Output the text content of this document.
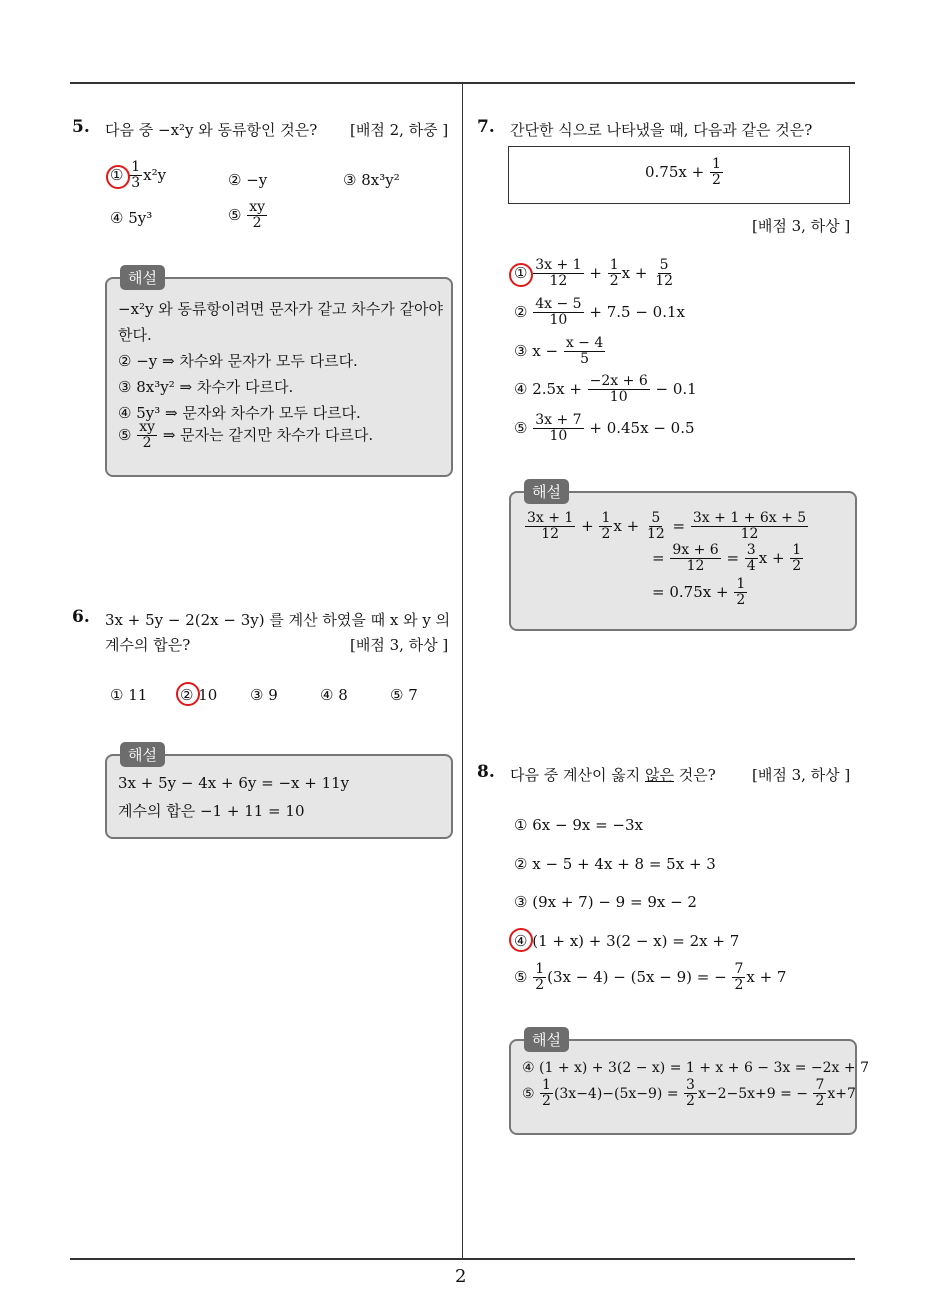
2
5. 다음 중 −x²y 와 동류항인 것은? [배점 2, 하중 ]
① $\frac{1}{3} x^2y$	② −y	③ 8x³y²
④ 5y³	⑤ $\frac{xy}{2}$
해설
−x²y 와 동류항이려면 문자가 같고 차수가 같아야
한다.
② −y ⇒ 차수와 문자가 모두 다르다.
③ 8x³y² ⇒ 차수가 다르다.
④ 5y³ ⇒ 문자와 차수가 모두 다르다.
⑤ $\frac{xy}{2}$ ⇒ 문자는 같지만 차수가 다르다.
6. 3x + 5y − 2(2x − 3y) 를 계산 하였을 때 x 와 y 의
계수의 합은?	[배점 3, 하상 ]
① 11 ② 10 ③ 9	④ 8	⑤ 7
해설
3x + 5y − 4x + 6y = −x + 11y
계수의 합은 −1 + 11 = 10
7. 간단한 식으로 나타냈을 때, 다음과 같은 것은?
$0.75x + \frac{1}{2}$
[배점 3, 하상 ]
① $\frac{3x + 1}{12} + \frac{1}{2}$ $x + \frac{5}{12}$
② $\frac{4x - 5}{10} + 7.5 - 0.1x$
③ $x - \frac{x - 4}{5}$
④ $2.5x + \frac{-2x + 6}{10} - 0.1$
⑤ $\frac{3x + 7}{10} + 0.45x - 0.5$
해설
$\frac{3x + 1}{12} + \frac{1}{2}$ $x + \frac{5}{12} = \frac{3x + 1 + 6x + 5}{12}$
= $\frac{9x + 6}{12} = \frac{3}{4}$ $x + \frac{1}{2}$
= $0.75x + \frac{1}{2}$
8. 다음 중 계산이 옳지 않은 것은? [배점 3, 하상 ]
① 6x − 9x = −3x
② x − 5 + 4x + 8 = 5x + 3
③ (9x + 7) − 9 = 9x − 2
④ (1 + x) + 3(2 − x) = 2x + 7
⑤ $\frac{1}{2} (3x - 4) - (5x - 9)$ = − $\frac{7}{2}$ x + 7
해설
④ (1 + x) + 3(2 − x) = 1 + x + 6 − 3x = −2x + 7
⑤ $\frac{1}{2} (3x-4)-(5x-9) = \frac{3}{2} x-2-5x+9$ = − $\frac{7}{2} x+7$
